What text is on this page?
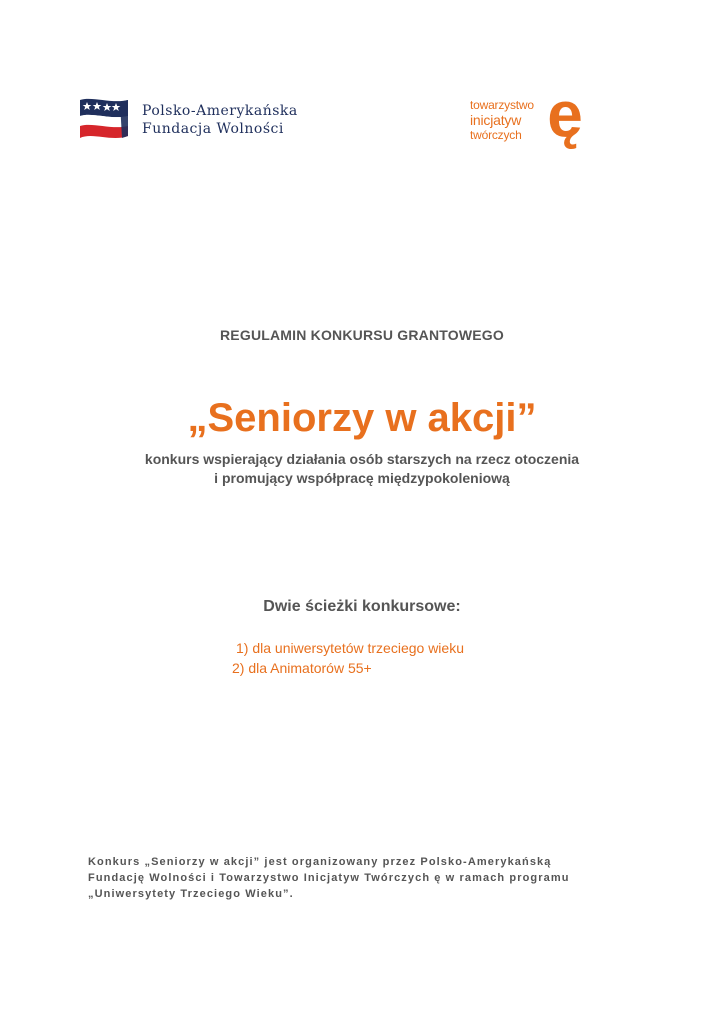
Polsko-Amerykańska
Fundacja Wolności
towarzystwo
inicjatyw
twórczych ę
REGULAMIN KONKURSU GRANTOWEGO
„Seniorzy w akcji”
konkurs wspierający działania osób starszych na rzecz otoczenia
i promujący współpracę międzypokoleniową
Dwie ścieżki konkursowe:
1) dla uniwersytetów trzeciego wieku
2) dla Animatorów 55+
Konkurs „Seniorzy w akcji” jest organizowany przez Polsko-Amerykańską
Fundację Wolności i Towarzystwo Inicjatyw Twórczych ę w ramach programu
„Uniwersytety Trzeciego Wieku”.
